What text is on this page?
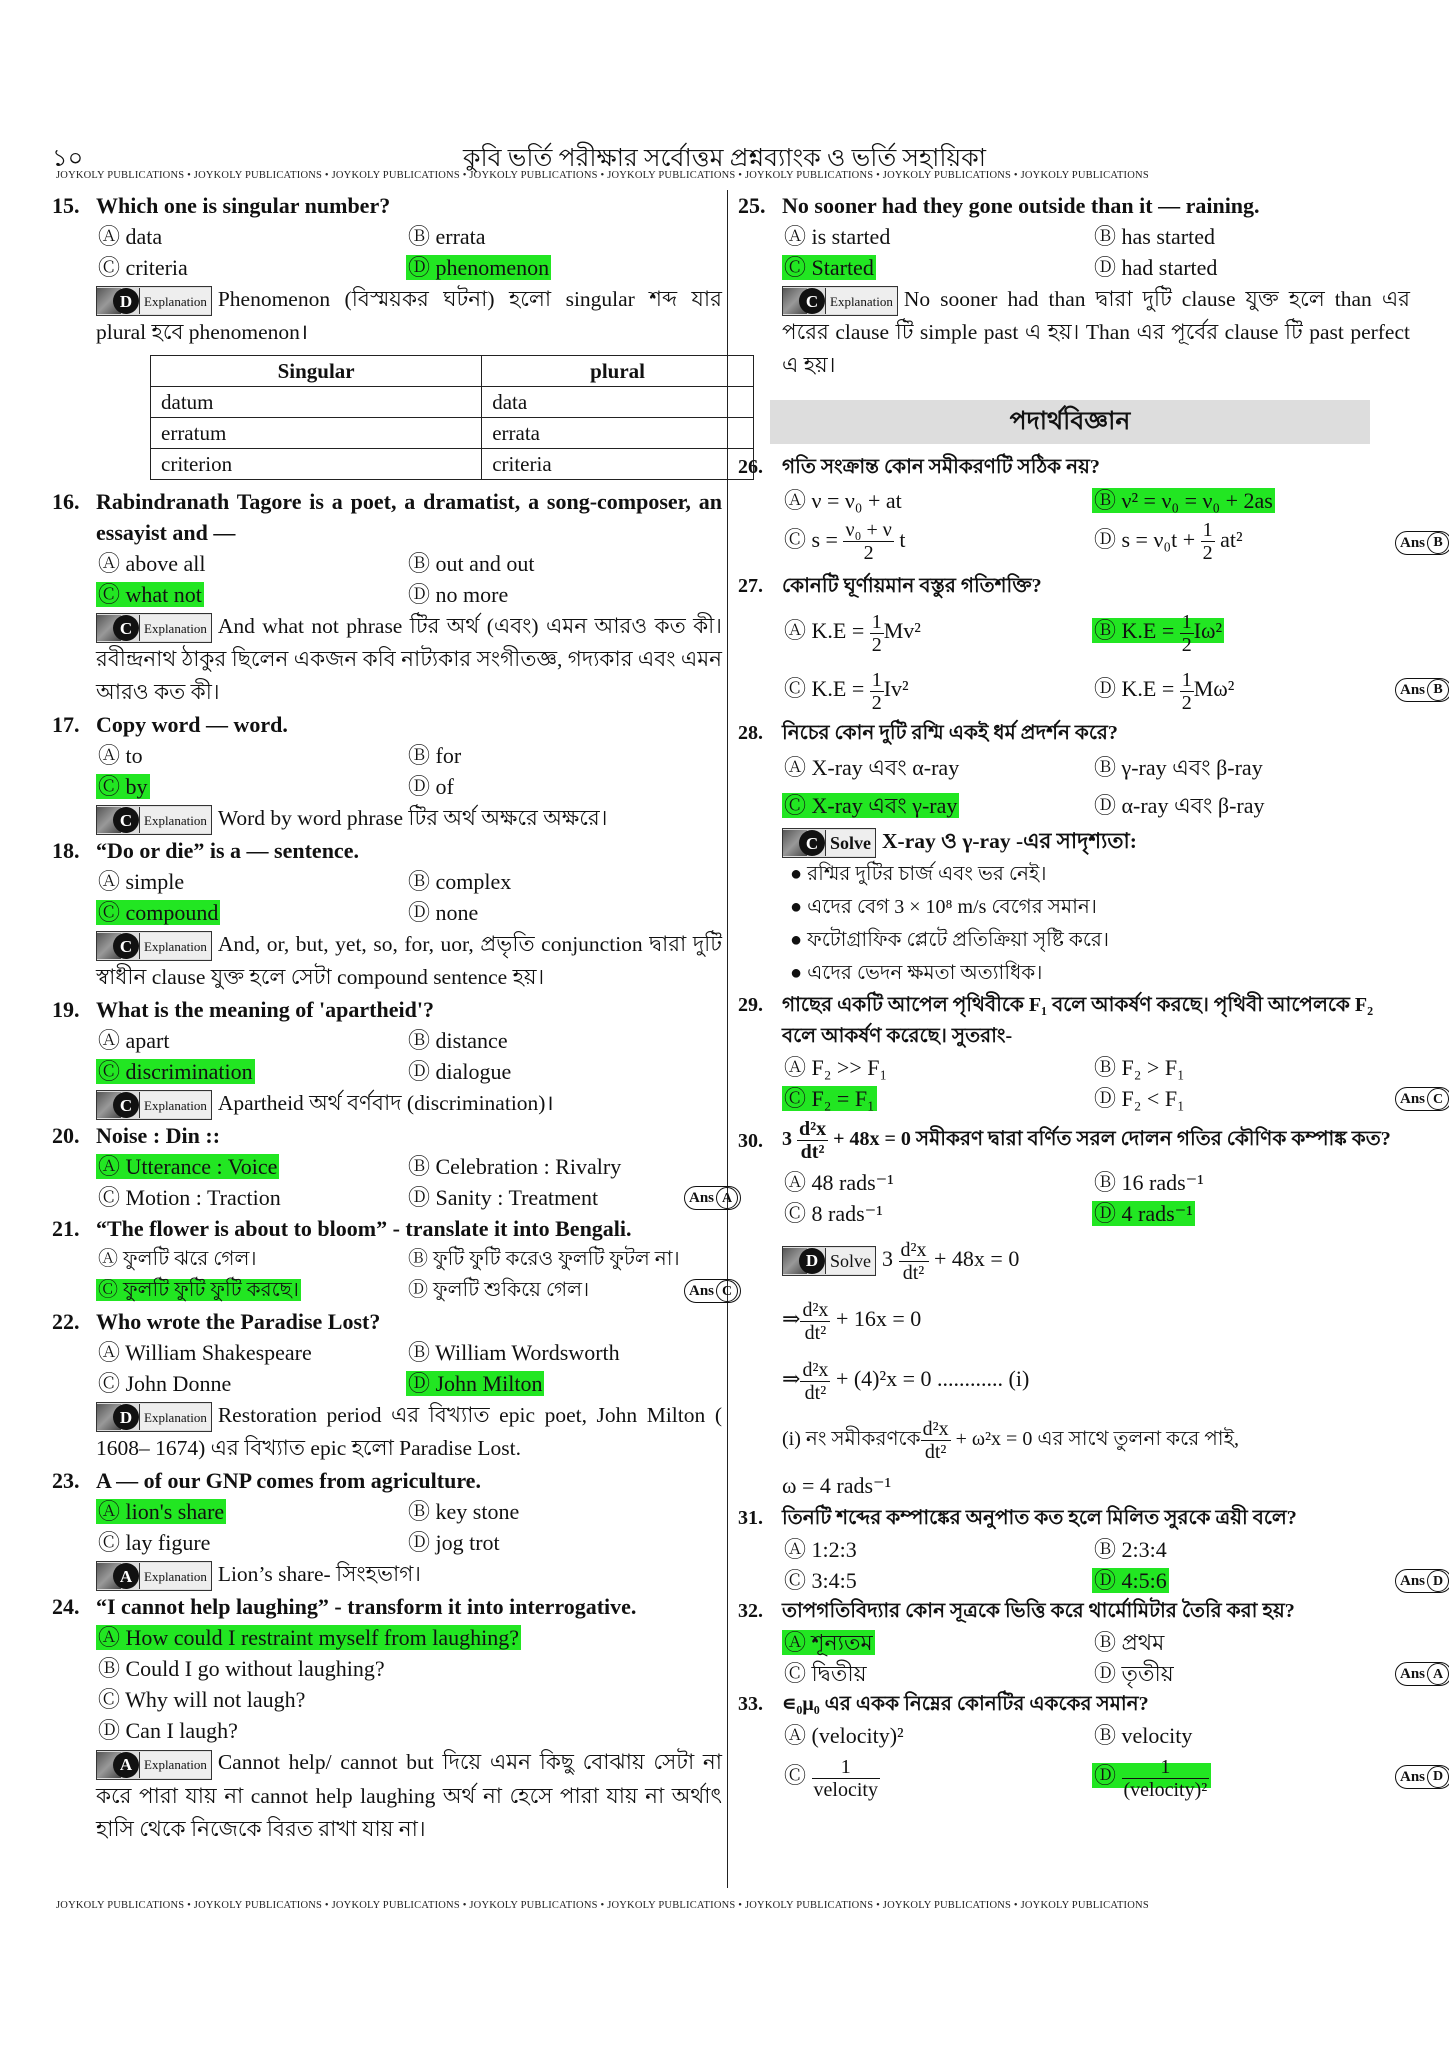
১০	কুবি ভর্তি পরীক্ষার সর্বোত্তম প্রশ্নব্যাংক ও ভর্তি সহায়িকা
JOYKOLY PUBLICATIONS • JOYKOLY PUBLICATIONS • JOYKOLY PUBLICATIONS • JOYKOLY PUBLICATIONS • JOYKOLY PUBLICATIONS • JOYKOLY PUBLICATIONS • JOYKOLY PUBLICATIONS • JOYKOLY PUBLICATIONS
15. Which one is singular number?
Ⓐ data	Ⓑ errata
Ⓒ criteria	Ⓓ phenomenon
D Explanation Phenomenon (বিস্ময়কর ঘটনা) হলো singular শব্দ যার plural হবে phenomenon।
Singular	plural
datum	data
erratum	errata
criterion	criteria
16. Rabindranath Tagore is a poet, a dramatist, a song-composer, an essayist and —
Ⓐ above all	Ⓑ out and out
Ⓒ what not	Ⓓ no more
C Explanation And what not phrase টির অর্থ (এবং) এমন আরও কত কী। রবীন্দ্রনাথ ঠাকুর ছিলেন একজন কবি নাট্যকার সংগীতজ্ঞ, গদ্যকার এবং এমন আরও কত কী।
17. Copy word — word.
Ⓐ to	Ⓑ for
Ⓒ by	Ⓓ of
C Explanation Word by word phrase টির অর্থ অক্ষরে অক্ষরে।
18. “Do or die” is a — sentence.
Ⓐ simple	Ⓑ complex
Ⓒ compound	Ⓓ none
C Explanation And, or, but, yet, so, for, uor, প্রভৃতি conjunction দ্বারা দুটি স্বাধীন clause যুক্ত হলে সেটা compound sentence হয়।
19. What is the meaning of 'apartheid'?
Ⓐ apart	Ⓑ distance
Ⓒ discrimination	Ⓓ dialogue
C Explanation Apartheid অর্থ বর্ণবাদ (discrimination)।
20. Noise : Din ::
Ⓐ Utterance : Voice	Ⓑ Celebration : Rivalry
Ⓒ Motion : Traction	Ⓓ Sanity : Treatment	Ans A
21. “The flower is about to bloom” - translate it into Bengali.
Ⓐ ফুলটি ঝরে গেল।	Ⓑ ফুটি ফুটি করেও ফুলটি ফুটল না।
Ⓒ ফুলটি ফুটি ফুটি করছে।	Ⓓ ফুলটি শুকিয়ে গেল।	Ans C
22. Who wrote the Paradise Lost?
Ⓐ William Shakespeare	Ⓑ William Wordsworth
Ⓒ John Donne	Ⓓ John Milton
D Explanation Restoration period এর বিখ্যাত epic poet, John Milton ( 1608– 1674) এর বিখ্যাত epic হলো Paradise Lost.
23. A — of our GNP comes from agriculture.
Ⓐ lion's share	Ⓑ key stone
Ⓒ lay figure	Ⓓ jog trot
A Explanation Lion’s share- সিংহভাগ।
24. “I cannot help laughing” - transform it into interrogative.
Ⓐ How could I restraint myself from laughing?
Ⓑ Could I go without laughing?
Ⓒ Why will not laugh?
Ⓓ Can I laugh?
A Explanation Cannot help/ cannot but দিয়ে এমন কিছু বোঝায় সেটা না করে পারা যায় না cannot help laughing অর্থ না হেসে পারা যায় না অর্থাৎ হাসি থেকে নিজেকে বিরত রাখা যায় না।
25. No sooner had they gone outside than it — raining.
Ⓐ is started	Ⓑ has started
Ⓒ Started	Ⓓ had started
C Explanation No sooner had than দ্বারা দুটি clause যুক্ত হলে than এর পরের clause টি simple past এ হয়। Than এর পূর্বের clause টি past perfect এ হয়।
পদার্থবিজ্ঞান
26. গতি সংক্রান্ত কোন সমীকরণটি সঠিক নয়?
Ⓐ ν = ν₀ + at	Ⓑ ν² = ν₀ = ν₀ + 2as
Ⓒ $s = \frac{\text{ν₀ + ν}}{2}$ t	Ⓓ $s = \nu_0t + \frac{1}{2} at^2$	Ans B
27. কোনটি ঘূর্ণায়মান বস্তুর গতিশক্তি?
Ⓐ $K.E = \frac{1}{2} Mv^2$	Ⓑ $K.E = \frac{1}{2} I\omega^2$
Ⓒ $K.E = \frac{1}{2} Iv^2$	Ⓓ $K.E = \frac{1}{2} M\omega^2$	Ans B
28. নিচের কোন দুটি রশ্মি একই ধর্ম প্রদর্শন করে?
Ⓐ X-ray এবং α-ray	Ⓑ γ-ray এবং β-ray
Ⓒ X-ray এবং γ-ray	Ⓓ α-ray এবং β-ray
C Solve X-ray ও γ-ray -এর সাদৃশ্যতা:
● রশ্মির দুটির চার্জ এবং ভর নেই।
● এদের বেগ 3 × 10⁸ m/s বেগের সমান।
● ফটোগ্রাফিক প্লেটে প্রতিক্রিয়া সৃষ্টি করে।
● এদের ভেদন ক্ষমতা অত্যাধিক।
29. গাছের একটি আপেল পৃথিবীকে F₁ বলে আকর্ষণ করছে। পৃথিবী আপেলকে F₂ বলে আকর্ষণ করেছে। সুতরাং-
Ⓐ F₂ >> F₁	Ⓑ F₂ > F₁
Ⓒ F₂ = F₁	Ⓓ F₂ < F₁	Ans C
30. $3 \frac{\text{d²x}}{\text{dt²}} + 48x = 0$ সমীকরণ দ্বারা বর্ণিত সরল দোলন গতির কৌণিক কম্পাঙ্ক কত?
Ⓐ 48 rads⁻¹	Ⓑ 16 rads⁻¹
Ⓒ 8 rads⁻¹	Ⓓ 4 rads⁻¹
D Solve $3 \frac{\text{d²x}}{\text{dt²}} + 48x = 0$
⇒ $\frac{\text{d²x}}{\text{dt²}} + 16x = 0$
⇒ $\frac{\text{d²x}}{\text{dt²}} + (4)^2x = 0$ ............ (i)
(i) নং সমীকরণকে $\frac{\text{d²x}}{\text{dt²}} + \omega^2x = 0$ এর সাথে তুলনা করে পাই,
ω = 4 rads⁻¹
31. তিনটি শব্দের কম্পাঙ্কের অনুপাত কত হলে মিলিত সুরকে ত্রয়ী বলে?
Ⓐ 1:2:3	Ⓑ 2:3:4
Ⓒ 3:4:5	Ⓓ 4:5:6	Ans D
32. তাপগতিবিদ্যার কোন সূত্রকে ভিত্তি করে থার্মোমিটার তৈরি করা হয়?
Ⓐ শূন্যতম	Ⓑ প্রথম
Ⓒ দ্বিতীয়	Ⓓ তৃতীয়	Ans A
33. ∊₀μ₀ এর একক নিম্নের কোনটির এককের সমান?
Ⓐ (velocity)²	Ⓑ velocity
Ⓒ $\frac{1}{\text{velocity}}$	Ⓓ $\frac{1}{\text{(velocity)²}}$	Ans D
JOYKOLY PUBLICATIONS • JOYKOLY PUBLICATIONS • JOYKOLY PUBLICATIONS • JOYKOLY PUBLICATIONS • JOYKOLY PUBLICATIONS • JOYKOLY PUBLICATIONS • JOYKOLY PUBLICATIONS • JOYKOLY PUBLICATIONS
